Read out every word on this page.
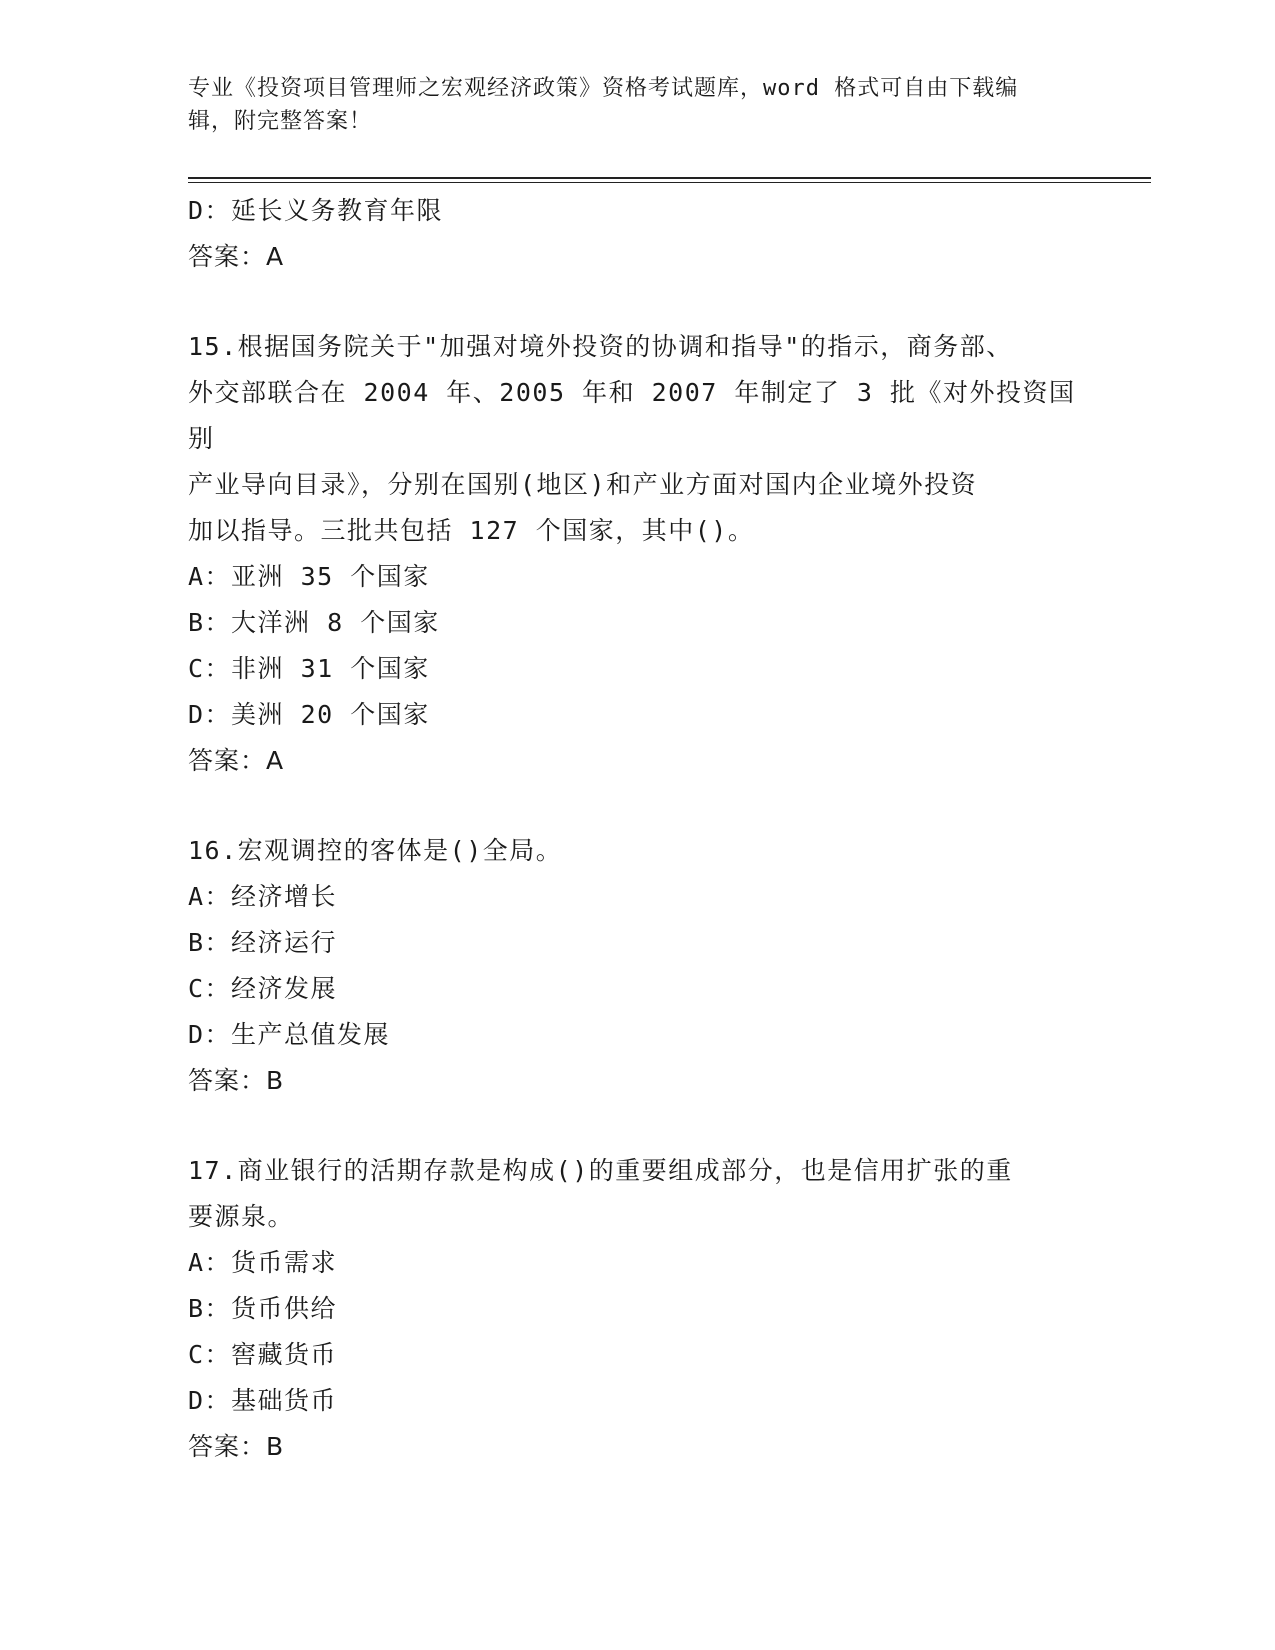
专业《投资项目管理师之宏观经济政策》资格考试题库，word 格式可自由下载编
辑，附完整答案！
D：延长义务教育年限
答案：A
15.根据国务院关于"加强对境外投资的协调和指导"的指示，商务部、
外交部联合在 2004 年、2005 年和 2007 年制定了 3 批《对外投资国别
产业导向目录》，分别在国别(地区)和产业方面对国内企业境外投资
加以指导。三批共包括 127 个国家，其中()。
A：亚洲 35 个国家
B：大洋洲 8 个国家
C：非洲 31 个国家
D：美洲 20 个国家
答案：A
16.宏观调控的客体是()全局。
A：经济增长
B：经济运行
C：经济发展
D：生产总值发展
答案：B
17.商业银行的活期存款是构成()的重要组成部分，也是信用扩张的重
要源泉。
A：货币需求
B：货币供给
C：窖藏货币
D：基础货币
答案：B
